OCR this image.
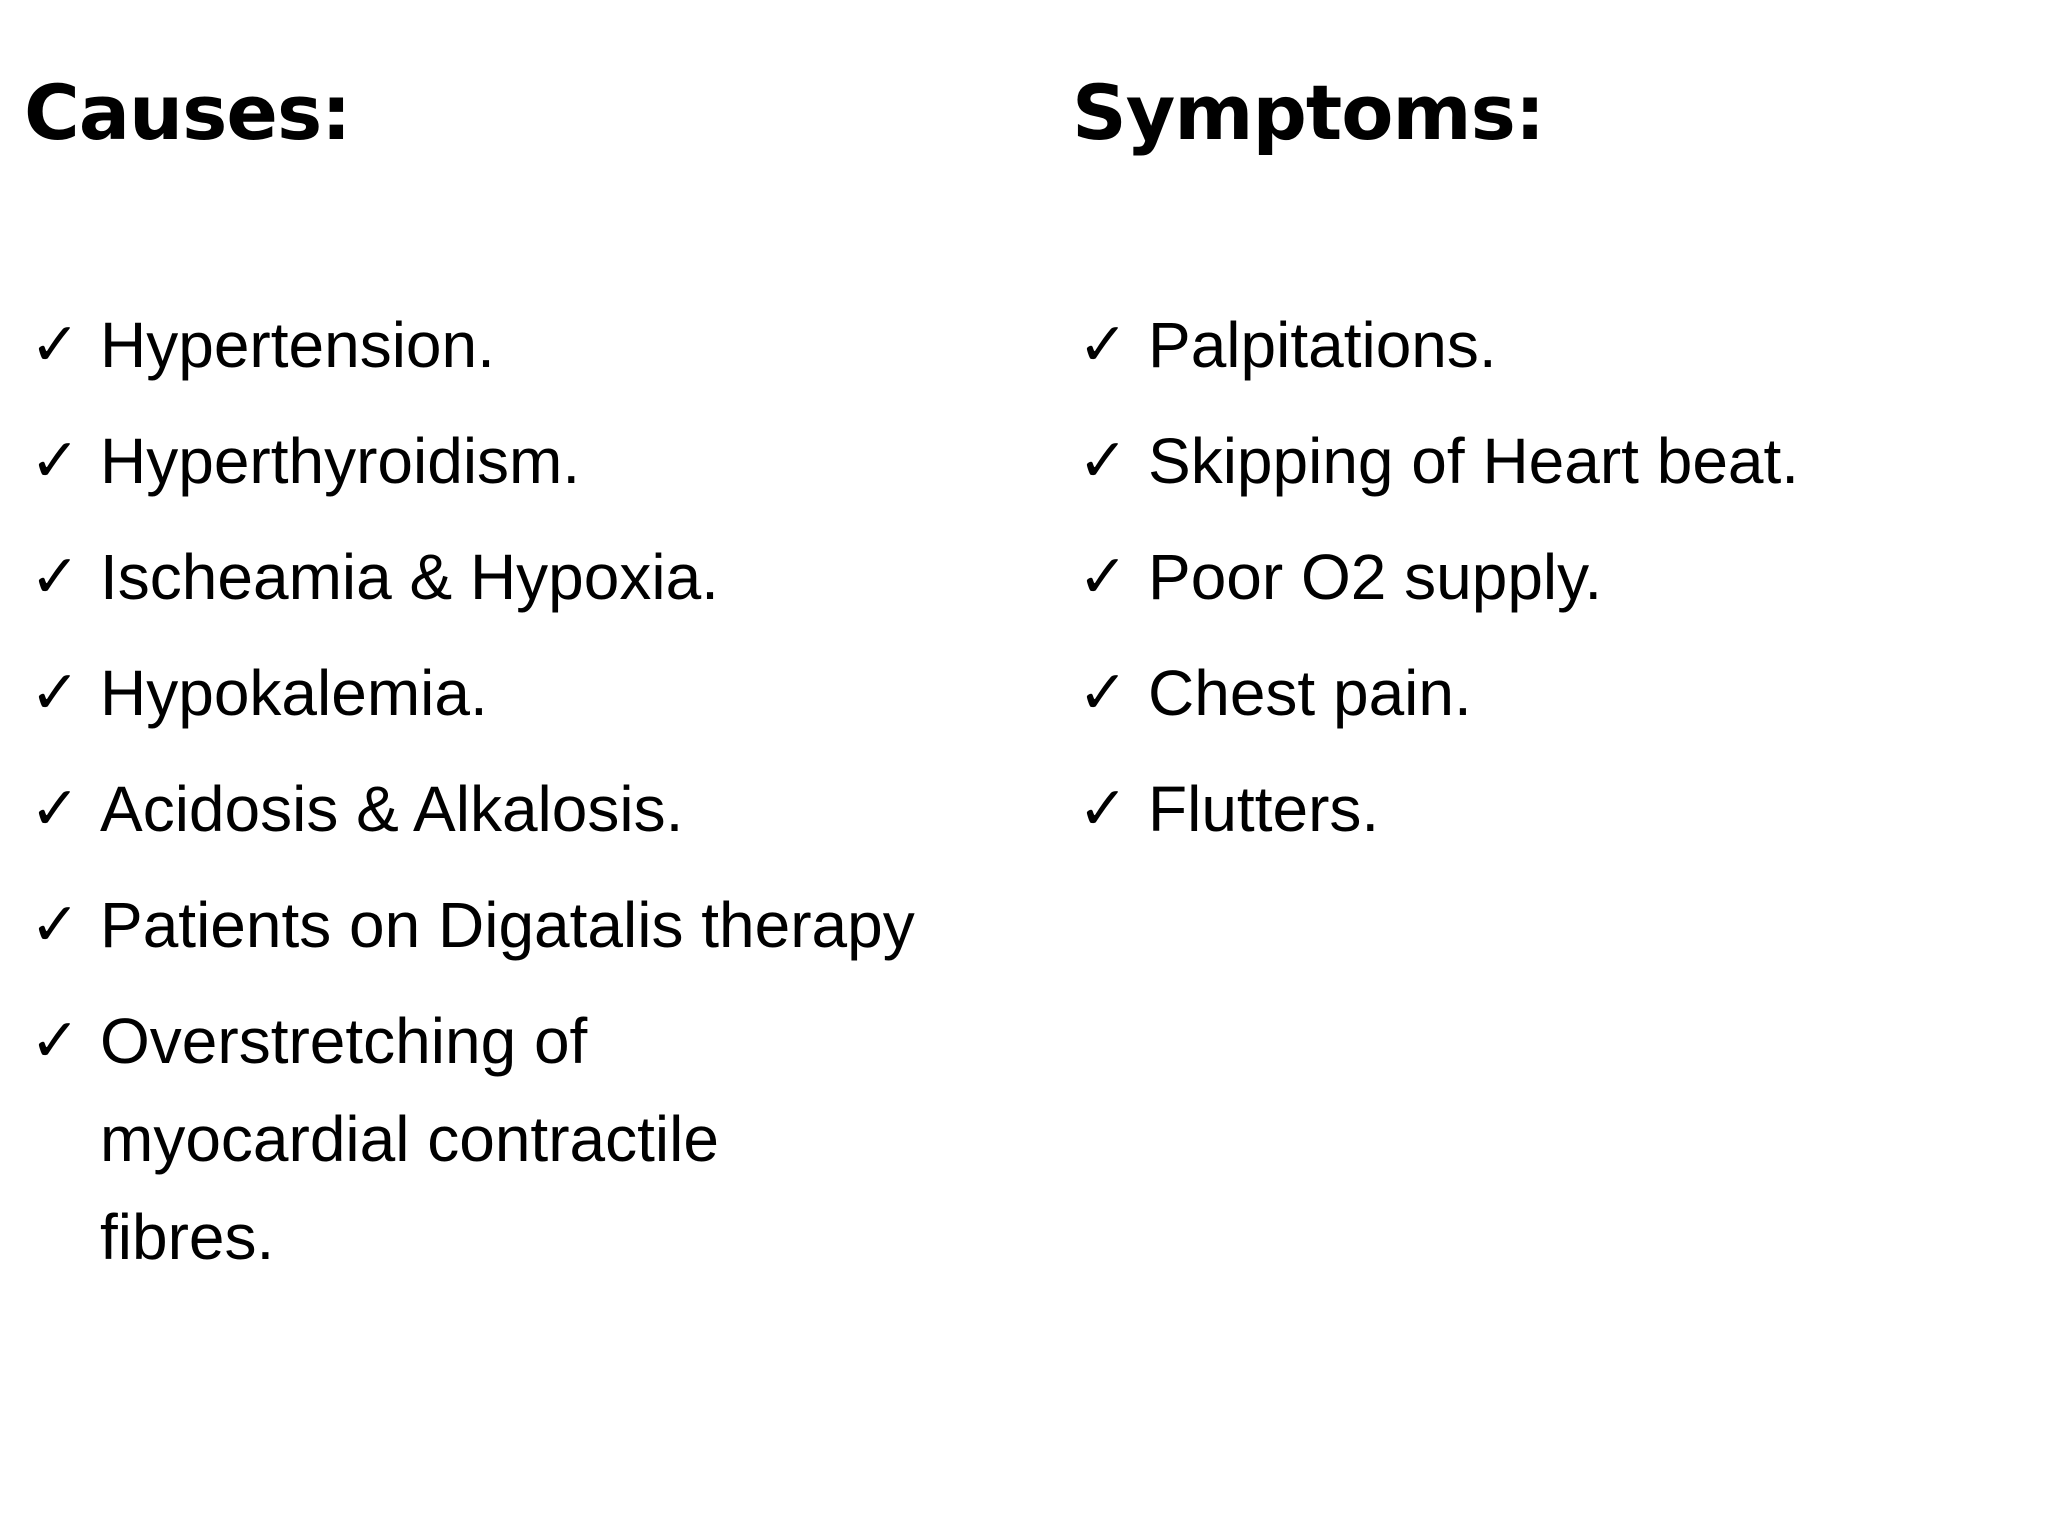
Causes:
✓ Hypertension.
✓ Hyperthyroidism.
✓ Ischeamia & Hypoxia.
✓ Hypokalemia.
✓ Acidosis & Alkalosis.
✓ Patients on Digatalis therapy
✓ Overstretching of myocardial contractile fibres.
Symptoms:
✓ Palpitations.
✓ Skipping of Heart beat.
✓ Poor O2 supply.
✓ Chest pain.
✓ Flutters.
